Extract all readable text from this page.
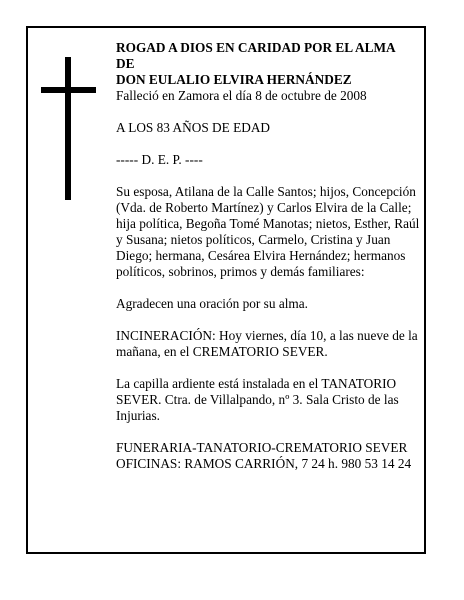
ROGAD A DIOS EN CARIDAD POR EL ALMA

DE

DON EULALIO ELVIRA HERNÁNDEZ

Falleció en Zamora el día 8 de octubre de 2008

A LOS 83 AÑOS DE EDAD

----- D. E. P. ----

Su esposa, Atilana de la Calle Santos; hijos, Concepción (Vda. de Roberto Martínez) y Carlos Elvira de la Calle; hija política, Begoña Tomé Manotas; nietos, Esther, Raúl y Susana; nietos políticos, Carmelo, Cristina y Juan Diego; hermana, Cesárea Elvira Hernández; hermanos políticos, sobrinos, primos y demás familiares:

Agradecen una oración por su alma.

INCINERACIÓN: Hoy viernes, día 10, a las nueve de la mañana, en el CREMATORIO SEVER.

La capilla ardiente está instalada en el TANATORIO SEVER. Ctra. de Villalpando, nº 3. Sala Cristo de las Injurias.

FUNERARIA-TANATORIO-CREMATORIO SEVER

OFICINAS: RAMOS CARRIÓN, 7 24 h. 980 53 14 24
